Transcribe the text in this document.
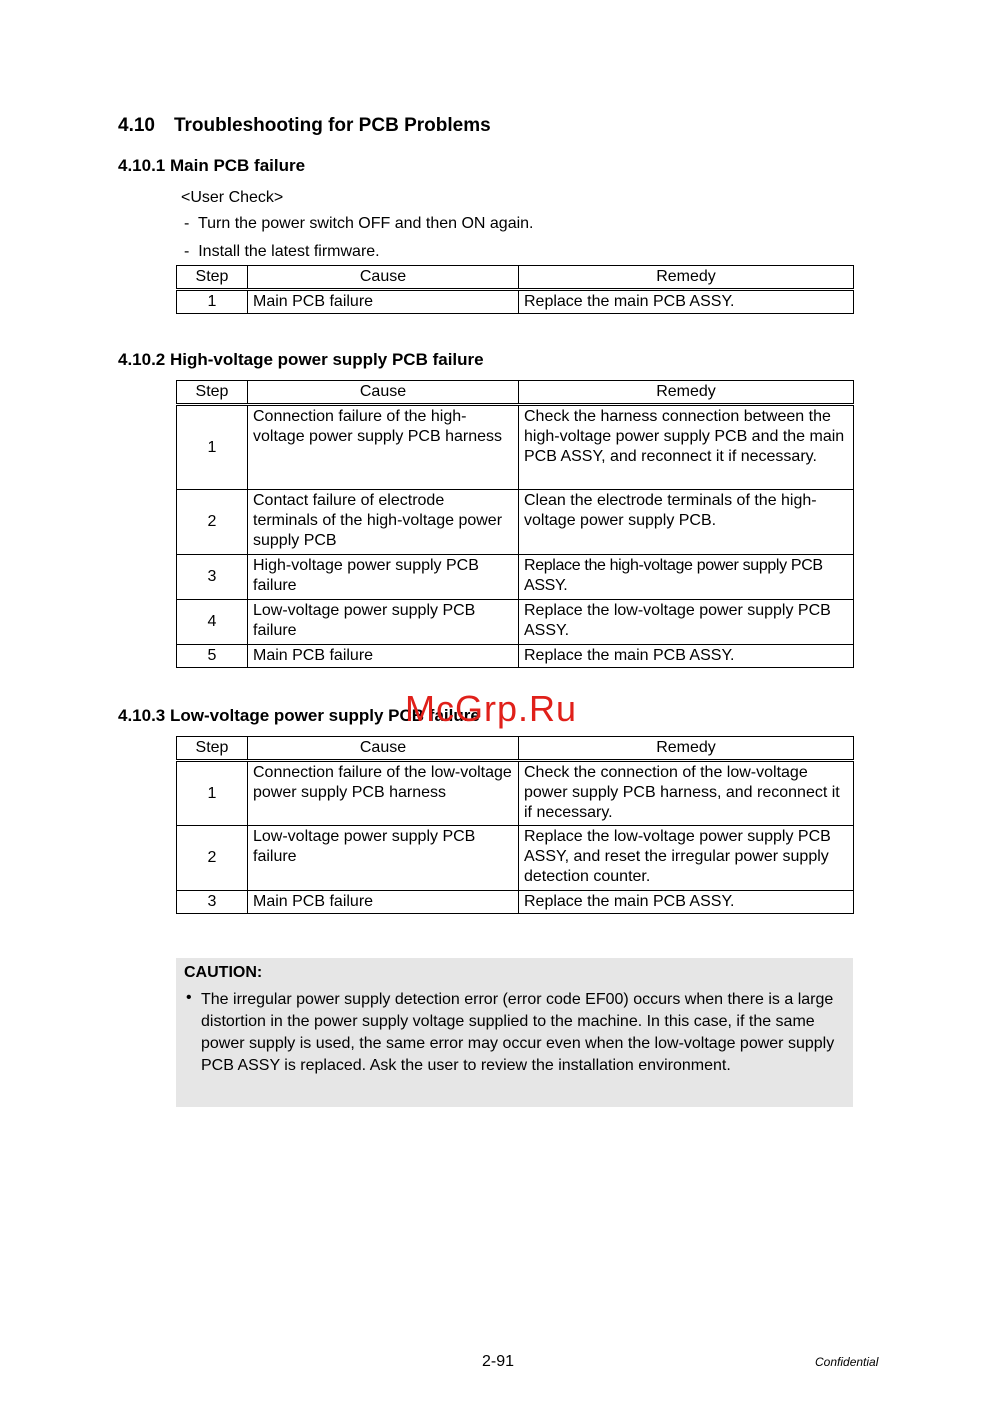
4.10 Troubleshooting for PCB Problems
4.10.1 Main PCB failure
<User Check>
-  Turn the power switch OFF and then ON again.
-  Install the latest firmware.
Step	Cause	Remedy
1	Main PCB failure	Replace the main PCB ASSY.
4.10.2 High-voltage power supply PCB failure
Step	Cause	Remedy
1	Connection failure of the high-voltage power supply PCB harness	Check the harness connection between the high-voltage power supply PCB and the main PCB ASSY, and reconnect it if necessary.
2	Contact failure of electrode terminals of the high-voltage power supply PCB	Clean the electrode terminals of the high-voltage power supply PCB.
3	High-voltage power supply PCB failure	Replace the high-voltage power supply PCB ASSY.
4	Low-voltage power supply PCB failure	Replace the low-voltage power supply PCB ASSY.
5	Main PCB failure	Replace the main PCB ASSY.
4.10.3 Low-voltage power supply PCB failure
McGrp.Ru
Step	Cause	Remedy
1	Connection failure of the low-voltage power supply PCB harness	Check the connection of the low-voltage power supply PCB harness, and reconnect it if necessary.
2	Low-voltage power supply PCB failure	Replace the low-voltage power supply PCB ASSY, and reset the irregular power supply detection counter.
3	Main PCB failure	Replace the main PCB ASSY.
CAUTION:
• The irregular power supply detection error (error code EF00) occurs when there is a large distortion in the power supply voltage supplied to the machine. In this case, if the same power supply is used, the same error may occur even when the low-voltage power supply PCB ASSY is replaced. Ask the user to review the installation environment.
2-91	Confidential
